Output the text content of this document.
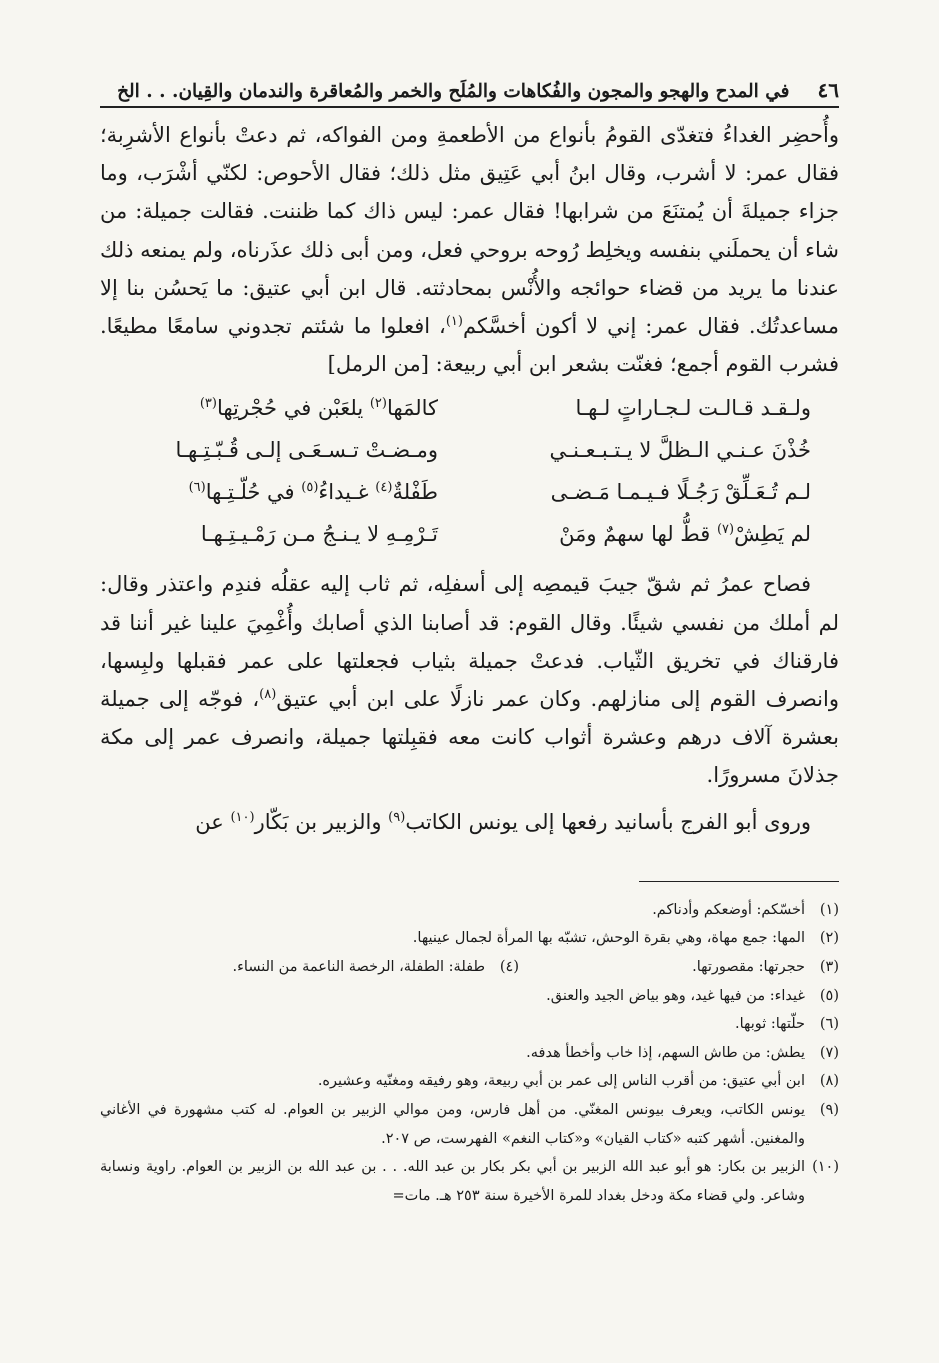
٤٦
في المدح والهجو والمجون والفُكاهات والمُلَح والخمر والمُعاقرة والندمان والقِيان. . . الخ

وأُحضِر الغداءُ فتغدّى القومُ بأنواع من الأطعمةِ ومن الفواكه، ثم دعتْ بأنواع الأشرِبة؛ فقال عمر: لا أشرب، وقال ابنُ أبي عَتِيق مثل ذلك؛ فقال الأحوص: لكنّي أشْرَب، وما جزاء جميلةَ أن يُمتنَعَ من شرابها! فقال عمر: ليس ذاك كما ظننت. فقالت جميلة: من شاء أن يحملَني بنفسه ويخلِط رُوحه بروحي فعل، ومن أبى ذلك عذَرناه، ولم يمنعه ذلك عندنا ما يريد من قضاء حوائجه والأُنْس بمحادثته. قال ابن أبي عتيق: ما يَحسُن بنا إلا مساعدتُك. فقال عمر: إني لا أكون أخسَّكم$^{(١)}$، افعلوا ما شئتم تجدوني سامعًا مطيعًا. فشرب القوم أجمع؛ فغنّت بشعر ابن أبي ربيعة: [من الرمل]

ولـقـد قـالـت لـجـاراتٍ لـهـا
كالمَها$^{(٢)}$ يلعَبْن في حُجْرتِها$^{(٣)}$
خُذْنَ عـنـي الـظلَّ لا يـتـبـعـنـي
ومـضـتْ تـسـعَـى إلـى قُـبّـتِـهـا
لـم تُـعَـلِّقْ رَجُـلًا فـيـمـا مَـضـى
طَفْلةٌ$^{(٤)}$ غـيداءُ$^{(٥)}$ في حُلّـتِـها$^{(٦)}$
لم يَطِشْ$^{(٧)}$ قطُّ لها سهمٌ ومَنْ
تَـرْمِـهِ لا يـنـجُ مـن رَمْـيـتِـهـا

فصاح عمرُ ثم شقّ جيبَ قيمصِه إلى أسفلِه، ثم ثاب إليه عقلُه فندِم واعتذر وقال: لم أملك من نفسي شيئًا. وقال القوم: قد أصابنا الذي أصابك وأُغْمِيَ علينا غير أننا قد فارقناك في تخريق الثّياب. فدعتْ جميلة بثياب فجعلتها على عمر فقبلها ولبِسها، وانصرف القوم إلى منازلهم. وكان عمر نازلًا على ابن أبي عتيق$^{(٨)}$، فوجّه إلى جميلة بعشرة آلاف درهم وعشرة أثواب كانت معه فقبِلتها جميلة، وانصرف عمر إلى مكة جذلانَ مسرورًا.

وروى أبو الفرج بأسانيد رفعها إلى يونس الكاتب$^{(٩)}$ والزبير بن بَكّار$^{(١٠)}$ عن

(١)
أخسّكم: أوضعكم وأدناكم.
(٢)
المها: جمع مهاة، وهي بقرة الوحش، تشبّه بها المرأة لجمال عينيها.
(٣)
حجرتها: مقصورتها.
(٤)
طفلة: الطفلة، الرخصة الناعمة من النساء.
(٥)
غيداء: من فيها غيد، وهو بياض الجيد والعنق.
(٦)
حلّتها: ثوبها.
(٧)
يطش: من طاش السهم، إذا خاب وأخطأ هدفه.
(٨)
ابن أبي عتيق: من أقرب الناس إلى عمر بن أبي ربيعة، وهو رفيقه ومغنّيه وعشيره.
(٩)
يونس الكاتب، ويعرف بيونس المغنّي. من أهل فارس، ومن موالي الزبير بن العوام. له كتب مشهورة في الأغاني والمغنين. أشهر كتبه «كتاب القيان» و«كتاب النغم» الفهرست، ص ٢٠٧.
(١٠)
الزبير بن بكار: هو أبو عبد الله الزبير بن أبي بكر بكار بن عبد الله. . . بن عبد الله بن الزبير بن العوام. راوية ونسابة وشاعر. ولي قضاء مكة ودخل بغداد للمرة الأخيرة سنة ٢٥٣ هـ. مات=
